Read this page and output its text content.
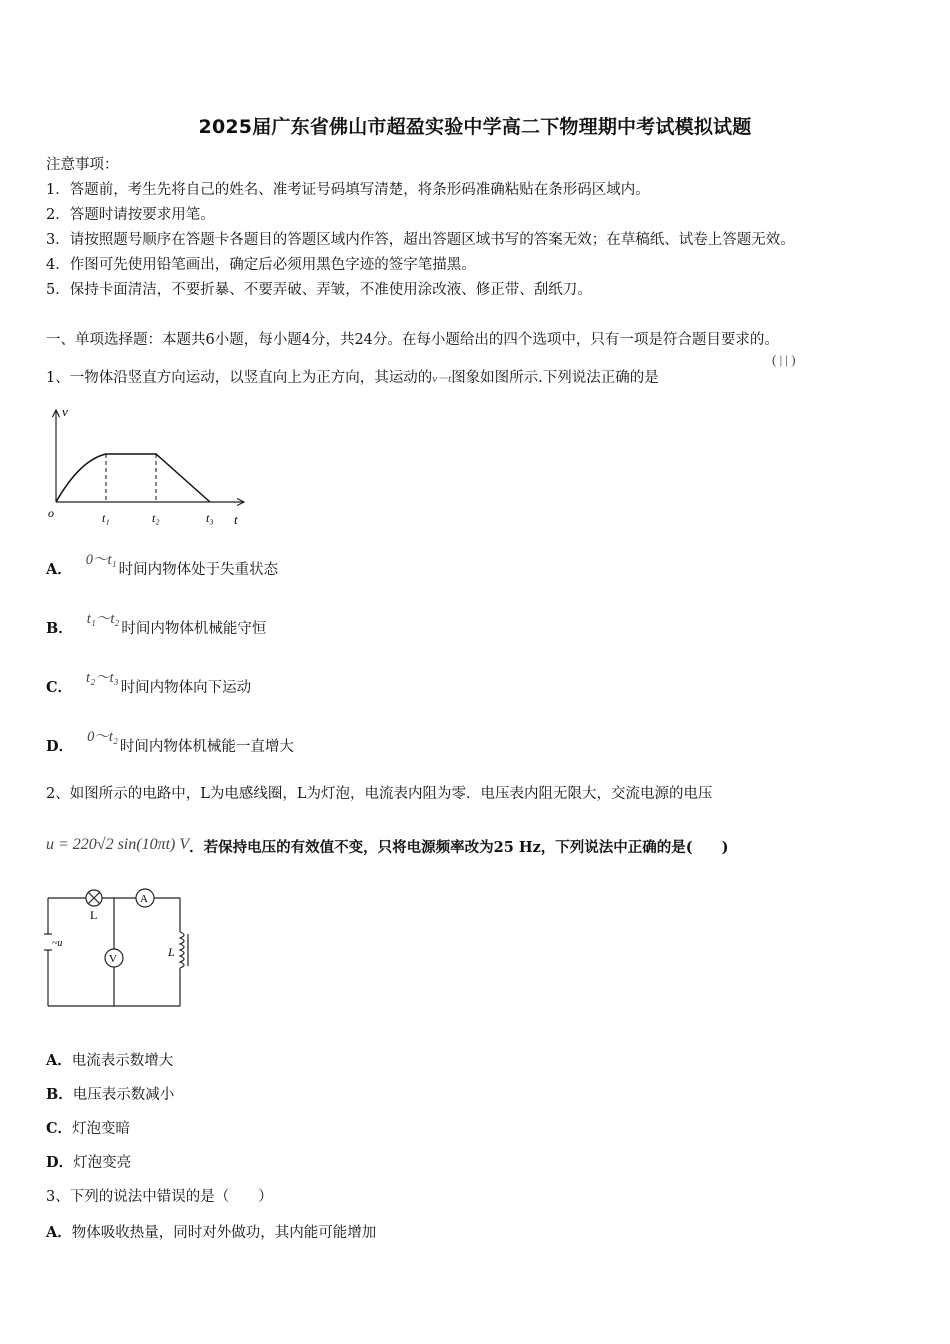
2025届广东省佛山市超盈实验中学高二下物理期中考试模拟试题
注意事项：
1．答题前，考生先将自己的姓名、准考证号码填写清楚，将条形码准确粘贴在条形码区域内。
2．答题时请按要求用笔。
3．请按照题号顺序在答题卡各题目的答题区域内作答，超出答题区域书写的答案无效；在草稿纸、试卷上答题无效。
4．作图可先使用铅笔画出，确定后必须用黑色字迹的签字笔描黑。
5．保持卡面清洁，不要折暴、不要弄破、弄皱，不准使用涂改液、修正带、刮纸刀。
一、单项选择题：本题共6小题，每小题4分，共24分。在每小题给出的四个选项中，只有一项是符合题目要求的。
1、一物体沿竖直方向运动，以竖直向上为正方向，其运动的v－t图象如图所示.下列说法正确的是
( | | )
v
o	t₁	t₂	t₃ t
A．0～t₁时间内物体处于失重状态
B．t₁～t₂时间内物体机械能守恒
C．t₂～t₃时间内物体向下运动
D．0～t₂时间内物体机械能一直增大
2、如图所示的电路中，L为电感线圈，L为灯泡，电流表内阻为零．电压表内阻无限大，交流电源的电压
u = 220√2 sin(10πt) V．若保持电压的有效值不变，只将电源频率改为25 Hz，下列说法中正确的是(　　)
L
A
V
~u
L
A．电流表示数增大
B．电压表示数减小
C．灯泡变暗
D．灯泡变亮
3、下列的说法中错误的是（　　）
A．物体吸收热量，同时对外做功，其内能可能增加
